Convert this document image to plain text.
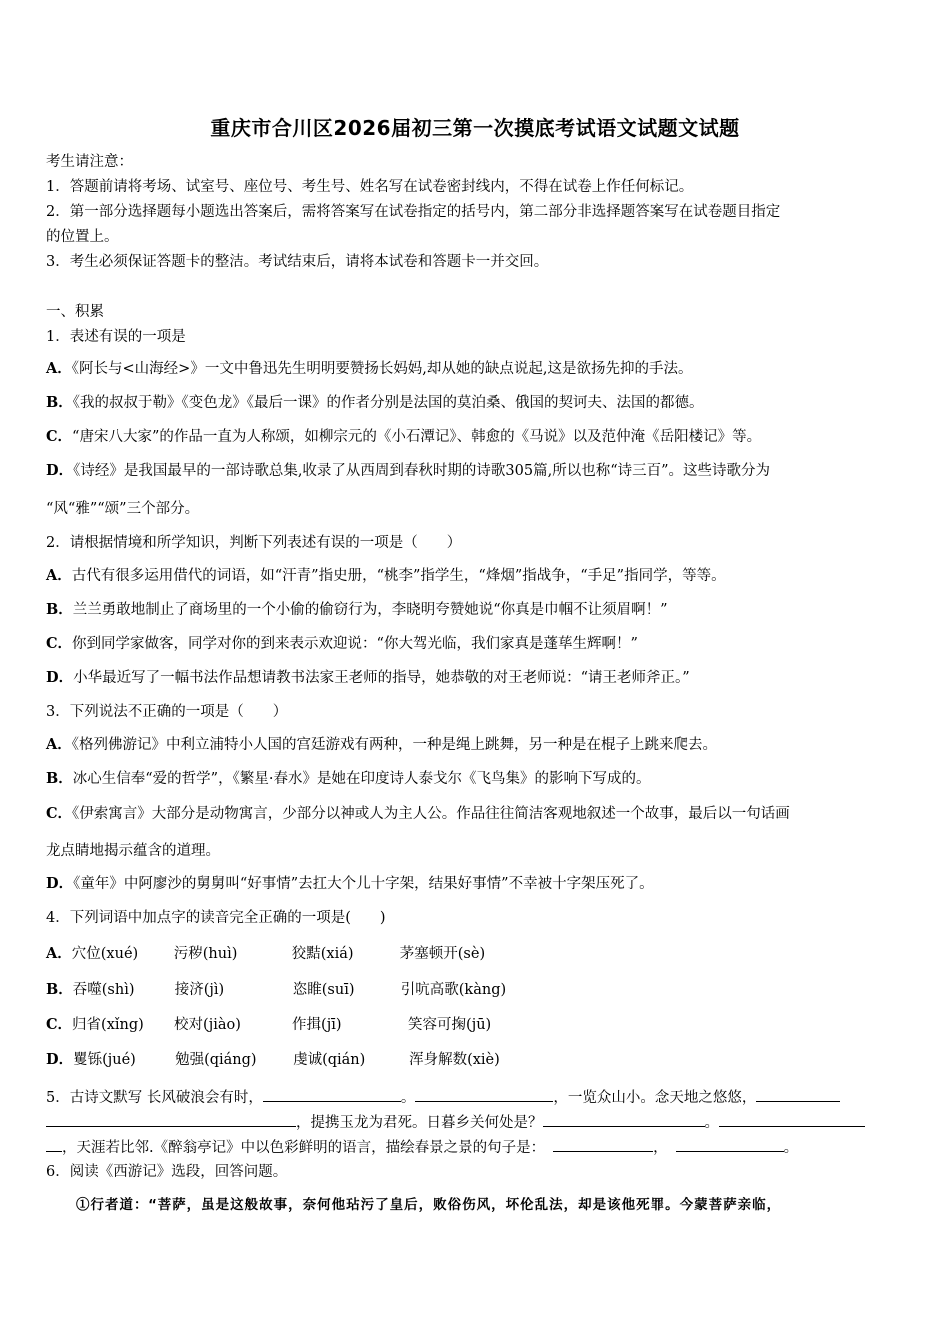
重庆市合川区2026届初三第一次摸底考试语文试题文试题
考生请注意：
1．答题前请将考场、试室号、座位号、考生号、姓名写在试卷密封线内，不得在试卷上作任何标记。
2．第一部分选择题每小题选出答案后，需将答案写在试卷指定的括号内，第二部分非选择题答案写在试卷题目指定
的位置上。
3．考生必须保证答题卡的整洁。考试结束后，请将本试卷和答题卡一并交回。
一、积累
1．表述有误的一项是
A．《阿长与<山海经>》一文中鲁迅先生明明要赞扬长妈妈,却从她的缺点说起,这是欲扬先抑的手法。
B．《我的叔叔于勒》《变色龙》《最后一课》的作者分别是法国的莫泊桑、俄国的契诃夫、法国的都德。
C．“唐宋八大家”的作品一直为人称颂，如柳宗元的《小石潭记》、韩愈的《马说》以及范仲淹《岳阳楼记》等。
D．《诗经》是我国最早的一部诗歌总集,收录了从西周到春秋时期的诗歌305篇,所以也称“诗三百”。这些诗歌分为
“风“雅”“颂”三个部分。
2．请根据情境和所学知识，判断下列表述有误的一项是（　　）
A．古代有很多运用借代的词语，如“汗青”指史册，“桃李”指学生，“烽烟”指战争，“手足”指同学，等等。
B．兰兰勇敢地制止了商场里的一个小偷的偷窃行为，李晓明夸赞她说“你真是巾帼不让须眉啊！”
C．你到同学家做客，同学对你的到来表示欢迎说：“你大驾光临，我们家真是蓬荜生辉啊！”
D．小华最近写了一幅书法作品想请教书法家王老师的指导，她恭敬的对王老师说：“请王老师斧正。”
3．下列说法不正确的一项是（　　）
A．《格列佛游记》中利立浦特小人国的宫廷游戏有两种，一种是绳上跳舞，另一种是在棍子上跳来爬去。
B．冰心生信奉“爱的哲学”，《繁星·春水》是她在印度诗人泰戈尔《飞鸟集》的影响下写成的。
C．《伊索寓言》大部分是动物寓言，少部分以神或人为主人公。作品往往简洁客观地叙述一个故事，最后以一句话画
龙点睛地揭示蕴含的道理。
D．《童年》中阿廖沙的舅舅叫“好事情”去扛大个儿十字架，结果好事情”不幸被十字架压死了。
4．下列词语中加点字的读音完全正确的一项是(　　)
A．穴位(xué) 污秽(huì)	狡黠(xiá)	茅塞顿开(sè)
B．吞噬(shì)	接济(jì)	恣睢(suī)	引吭高歌(kàng)
C．归省(xǐng) 校对(jiào)	作揖(jī)	笑容可掬(jū)
D．矍铄(jué)	勉强(qiáng)	虔诚(qián)	浑身解数(xiè)
5．古诗文默写 长风破浪会有时，	。	，一览众山小。念天地之悠悠，
，提携玉龙为君死。日暮乡关何处是？	。
，天涯若比邻.《醉翁亭记》中以色彩鲜明的语言，描绘春景之景的句子是：	，	。
6．阅读《西游记》选段，回答问题。
①行者道：“菩萨，虽是这般故事，奈何他玷污了皇后，败俗伤风，坏伦乱法，却是该他死罪。今蒙菩萨亲临，
